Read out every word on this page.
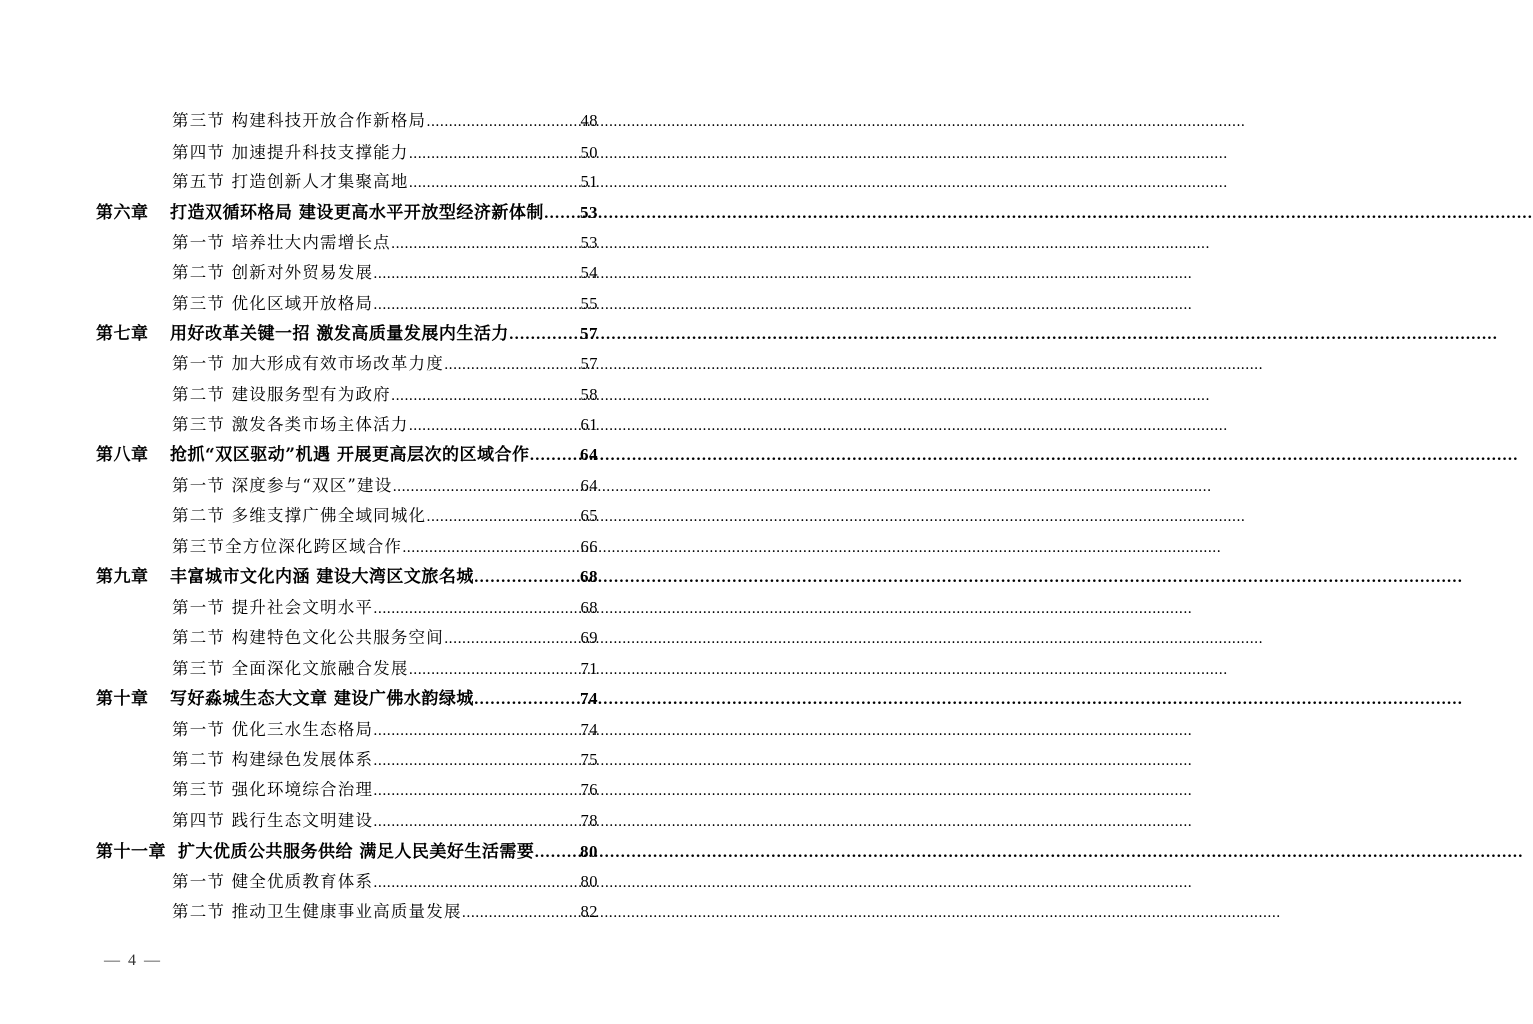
第三节 构建科技开放合作新格局 .....	48
第四节 加速提升科技支撑能力 .....	50
第五节 打造创新人才集聚高地 .....	51
第六章	打造双循环格局 建设更高水平开放型经济新体制 ..... 53
第一节 培养壮大内需增长点 .....	53
第二节 创新对外贸易发展 .....	54
第三节 优化区域开放格局 .....	55
第七章	用好改革关键一招 激发高质量发展内生活力 .....	57
第一节 加大形成有效市场改革力度 .....	57
第二节 建设服务型有为政府 .....	58
第三节 激发各类市场主体活力 .....	61
第八章	抢抓“双区驱动”机遇 开展更高层次的区域合作 .....	64
第一节 深度参与“双区”建设 .....	64
第二节 多维支撑广佛全域同城化 .....	65
第三节全方位深化跨区域合作 .....	66
第九章	丰富城市文化内涵 建设大湾区文旅名城 .....	68
第一节 提升社会文明水平 .....	68
第二节 构建特色文化公共服务空间 .....	69
第三节 全面深化文旅融合发展 .....	71
第十章	写好淼城生态大文章 建设广佛水韵绿城 .....	74
第一节 优化三水生态格局 .....	74
第二节 构建绿色发展体系 .....	75
第三节 强化环境综合治理 .....	76
第四节 践行生态文明建设 .....	78
第十一章 扩大优质公共服务供给 满足人民美好生活需要 .....	80
第一节 健全优质教育体系 .....	80
第二节 推动卫生健康事业高质量发展 .....	82
— 4 —
